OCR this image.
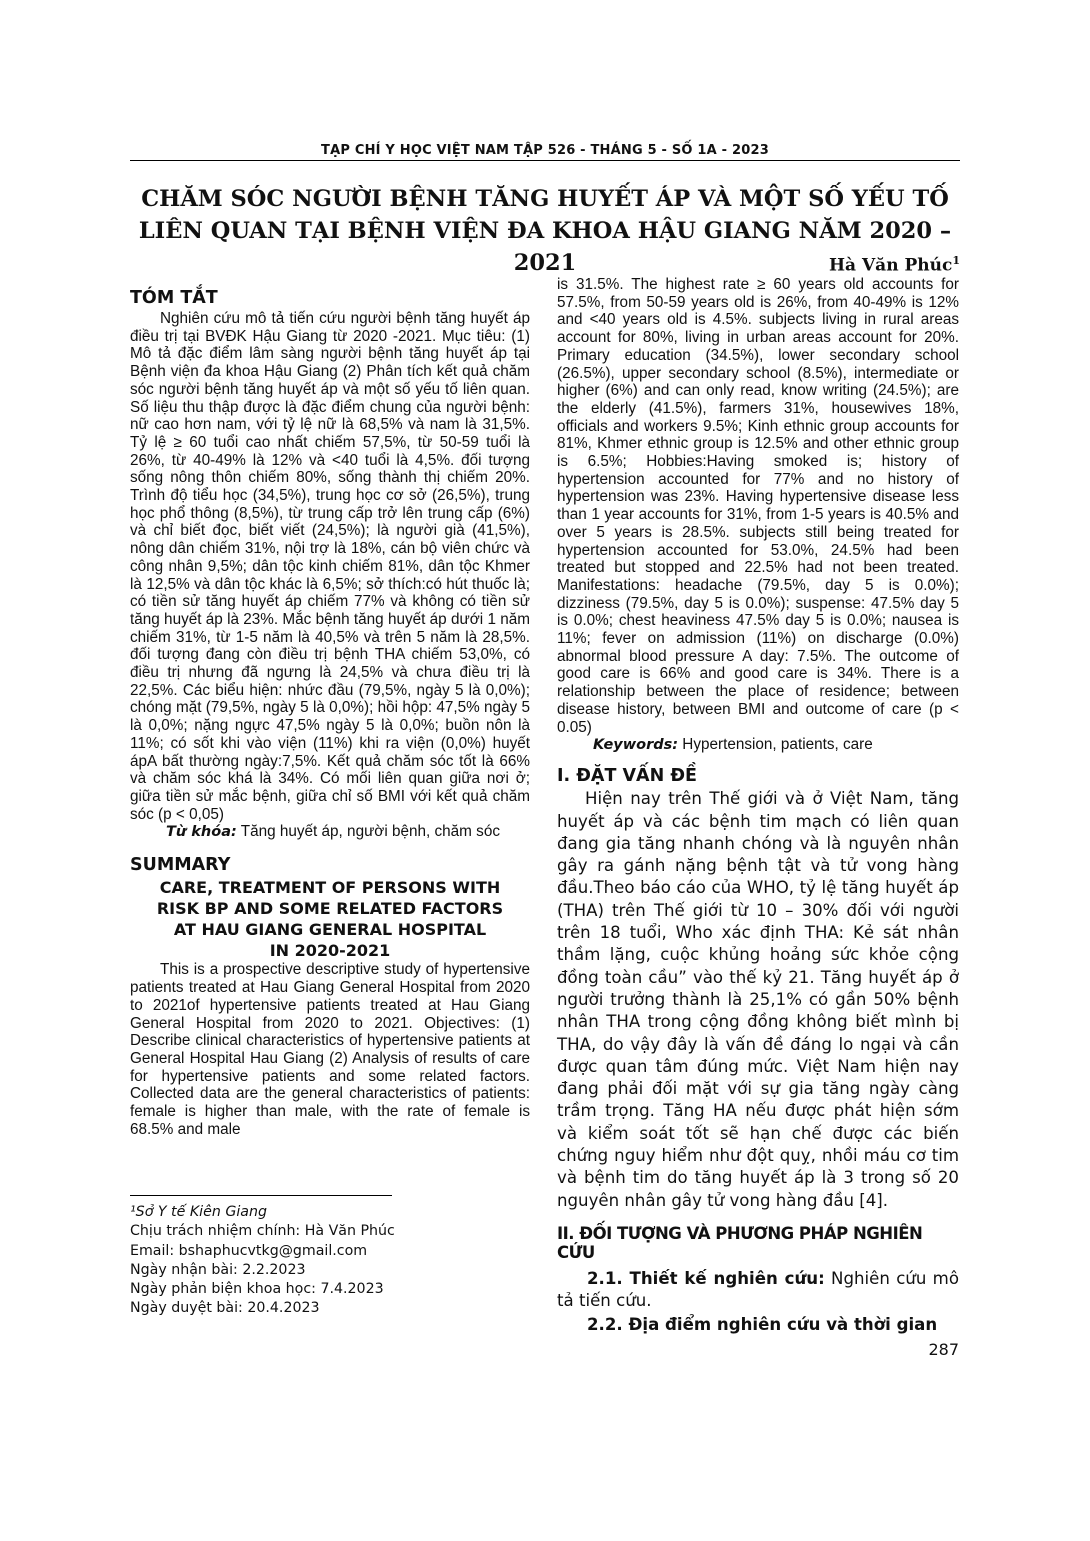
TẠP CHÍ Y HỌC VIỆT NAM TẬP 526 - THÁNG 5 - SỐ 1A - 2023
CHĂM SÓC NGƯỜI BỆNH TĂNG HUYẾT ÁP VÀ MỘT SỐ YẾU TỐ
LIÊN QUAN TẠI BỆNH VIỆN ĐA KHOA HẬU GIANG NĂM 2020 – 2021	Hà Văn Phúc$^1$
TÓM TẮT

Nghiên cứu mô tả tiến cứu người bệnh tăng huyết áp điều trị tại BVĐK Hậu Giang từ 2020 -2021. Mục tiêu: (1) Mô tả đặc điểm lâm sàng người bệnh tăng huyết áp tại Bệnh viện đa khoa Hậu Giang (2) Phân tích kết quả chăm sóc người bệnh tăng huyết áp và một số yếu tố liên quan. Số liệu thu thập được là đặc điểm chung của người bệnh: nữ cao hơn nam, với tỷ lệ nữ là 68,5% và nam là 31,5%. Tỷ lệ ≥ 60 tuổi cao nhất chiếm 57,5%, từ 50-59 tuổi là 26%, từ 40-49% là 12% và <40 tuổi là 4,5%. đối tượng sống nông thôn chiếm 80%, sống thành thị chiếm 20%. Trình độ tiểu học (34,5%), trung học cơ sở (26,5%), trung học phổ thông (8,5%), từ trung cấp trở lên trung cấp (6%) và chỉ biết đọc, biết viết (24,5%); là người già (41,5%), nông dân chiếm 31%, nội trợ là 18%, cán bộ viên chức và công nhân 9,5%; dân tộc kinh chiếm 81%, dân tộc Khmer là 12,5% và dân tộc khác là 6,5%; sở thích:có hút thuốc là; có tiền sử tăng huyết áp chiếm 77% và không có tiền sử tăng huyết áp là 23%. Mắc bệnh tăng huyết áp dưới 1 năm chiếm 31%, từ 1-5 năm là 40,5% và trên 5 năm là 28,5%. đối tượng đang còn điều trị bệnh THA chiếm 53,0%, có điều trị nhưng đã ngưng là 24,5% và chưa điều trị là 22,5%. Các biểu hiện: nhức đầu (79,5%, ngày 5 là 0,0%); chóng mặt (79,5%, ngày 5 là 0,0%); hồi hộp: 47,5% ngày 5 là 0,0%; nặng ngực 47,5% ngày 5 là 0,0%; buồn nôn là 11%; có sốt khi vào viện (11%) khi ra viện (0,0%) huyết ápA bất thường ngày:7,5%. Kết quả chăm sóc tốt là 66% và chăm sóc khá là 34%. Có mối liên quan giữa nơi ở; giữa tiền sử mắc bệnh, giữa chỉ số BMI với kết quả chăm sóc (p < 0,05)

Từ khóa: Tăng huyết áp, người bệnh, chăm sóc

SUMMARY
CARE, TREATMENT OF PERSONS WITH
RISK BP AND SOME RELATED FACTORS
AT HAU GIANG GENERAL HOSPITAL
IN 2020-2021

This is a prospective descriptive study of hypertensive patients treated at Hau Giang General Hospital from 2020 to 2021of hypertensive patients treated at Hau Giang General Hospital from 2020 to 2021. Objectives: (1) Describe clinical characteristics of hypertensive patients at General Hospital Hau Giang (2) Analysis of results of care for hypertensive patients and some related factors. Collected data are the general characteristics of patients: female is higher than male, with the rate of female is 68.5% and male

¹Sở Y tế Kiên Giang
Chịu trách nhiệm chính: Hà Văn Phúc
Email: bshaphucvtkg@gmail.com
Ngày nhận bài: 2.2.2023
Ngày phản biện khoa học: 7.4.2023
Ngày duyệt bài: 20.4.2023

is 31.5%. The highest rate ≥ 60 years old accounts for 57.5%, from 50-59 years old is 26%, from 40-49% is 12% and <40 years old is 4.5%. subjects living in rural areas account for 80%, living in urban areas account for 20%. Primary education (34.5%), lower secondary school (26.5%), upper secondary school (8.5%), intermediate or higher (6%) and can only read, know writing (24.5%); are the elderly (41.5%), farmers 31%, housewives 18%, officials and workers 9.5%; Kinh ethnic group accounts for 81%, Khmer ethnic group is 12.5% and other ethnic group is 6.5%; Hobbies:Having smoked is; history of hypertension accounted for 77% and no history of hypertension was 23%. Having hypertensive disease less than 1 year accounts for 31%, from 1-5 years is 40.5% and over 5 years is 28.5%. subjects still being treated for hypertension accounted for 53.0%, 24.5% had been treated but stopped and 22.5% had not been treated. Manifestations: headache (79.5%, day 5 is 0.0%); dizziness (79.5%, day 5 is 0.0%); suspense: 47.5% day 5 is 0.0%; chest heaviness 47.5% day 5 is 0.0%; nausea is 11%; fever on admission (11%) on discharge (0.0%) abnormal blood pressure A day: 7.5%. The outcome of good care is 66% and good care is 34%. There is a relationship between the place of residence; between disease history, between BMI and outcome of care (p < 0.05)

Keywords: Hypertension, patients, care

I. ĐẶT VẤN ĐỀ

Hiện nay trên Thế giới và ở Việt Nam, tăng huyết áp và các bệnh tim mạch có liên quan đang gia tăng nhanh chóng và là nguyên nhân gây ra gánh nặng bệnh tật và tử vong hàng đầu.Theo báo cáo của WHO, tỷ lệ tăng huyết áp (THA) trên Thế giới từ 10 – 30% đối với người trên 18 tuổi, Who xác định THA: Kẻ sát nhân thầm lặng, cuộc khủng hoảng sức khỏe cộng đồng toàn cầu” vào thế kỷ 21. Tăng huyết áp ở người trưởng thành là 25,1% có gần 50% bệnh nhân THA trong cộng đồng không biết mình bị THA, do vậy đây là vấn đề đáng lo ngại và cần được quan tâm đúng mức. Việt Nam hiện nay đang phải đối mặt với sự gia tăng ngày càng trầm trọng. Tăng HA nếu được phát hiện sớm và kiểm soát tốt sẽ hạn chế được các biến chứng nguy hiểm như đột quỵ, nhồi máu cơ tim và bệnh tim do tăng huyết áp là 3 trong số 20 nguyên nhân gây tử vong hàng đầu [4].

II. ĐỐI TƯỢNG VÀ PHƯƠNG PHÁP NGHIÊN CỨU

2.1. Thiết kế nghiên cứu: Nghiên cứu mô tả tiến cứu.

2.2. Địa điểm nghiên cứu và thời gian

287
